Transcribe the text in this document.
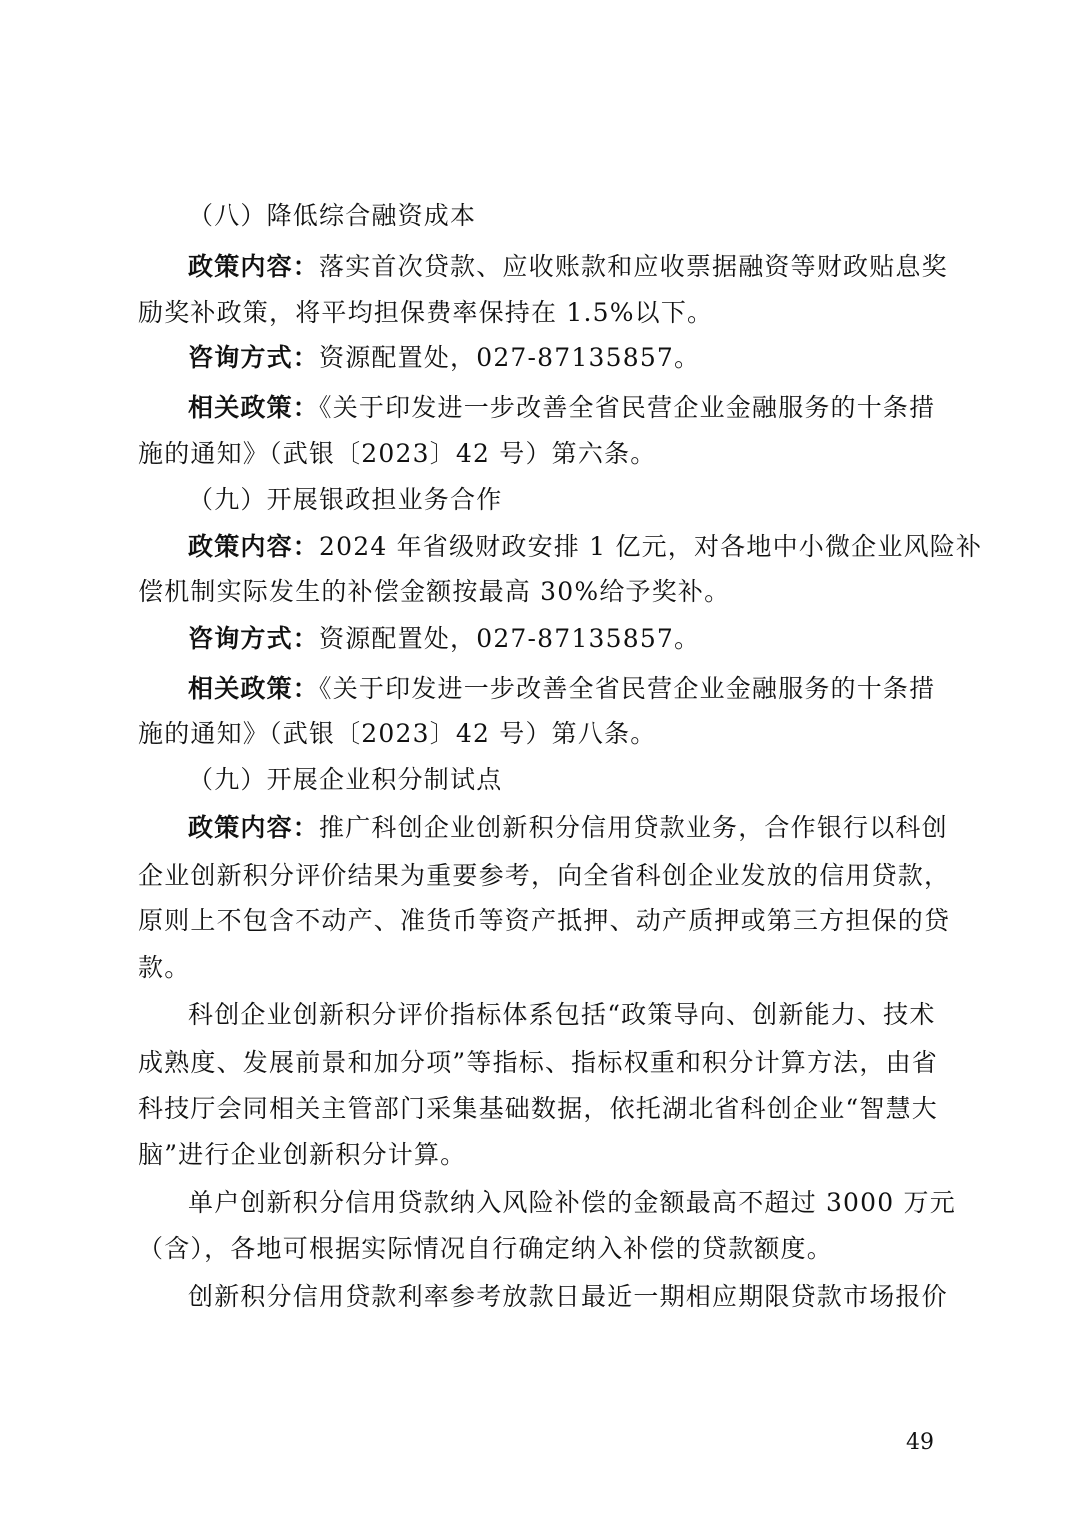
（八）降低综合融资成本
政策内容：落实首次贷款、应收账款和应收票据融资等财政贴息奖
励奖补政策，将平均担保费率保持在 1.5%以下。
咨询方式：资源配置处，027-87135857。
相关政策：《关于印发进一步改善全省民营企业金融服务的十条措
施的通知》（武银〔2023〕42 号）第六条。
（九）开展银政担业务合作
政策内容：2024 年省级财政安排 1 亿元，对各地中小微企业风险补
偿机制实际发生的补偿金额按最高 30%给予奖补。
咨询方式：资源配置处，027-87135857。
相关政策：《关于印发进一步改善全省民营企业金融服务的十条措
施的通知》（武银〔2023〕42 号）第八条。
（九）开展企业积分制试点
政策内容：推广科创企业创新积分信用贷款业务，合作银行以科创
企业创新积分评价结果为重要参考，向全省科创企业发放的信用贷款，
原则上不包含不动产、准货币等资产抵押、动产质押或第三方担保的贷
款。
科创企业创新积分评价指标体系包括“政策导向、创新能力、技术
成熟度、发展前景和加分项”等指标、指标权重和积分计算方法，由省
科技厅会同相关主管部门采集基础数据，依托湖北省科创企业“智慧大
脑”进行企业创新积分计算。
单户创新积分信用贷款纳入风险补偿的金额最高不超过 3000 万元
（含），各地可根据实际情况自行确定纳入补偿的贷款额度。
创新积分信用贷款利率参考放款日最近一期相应期限贷款市场报价
49
